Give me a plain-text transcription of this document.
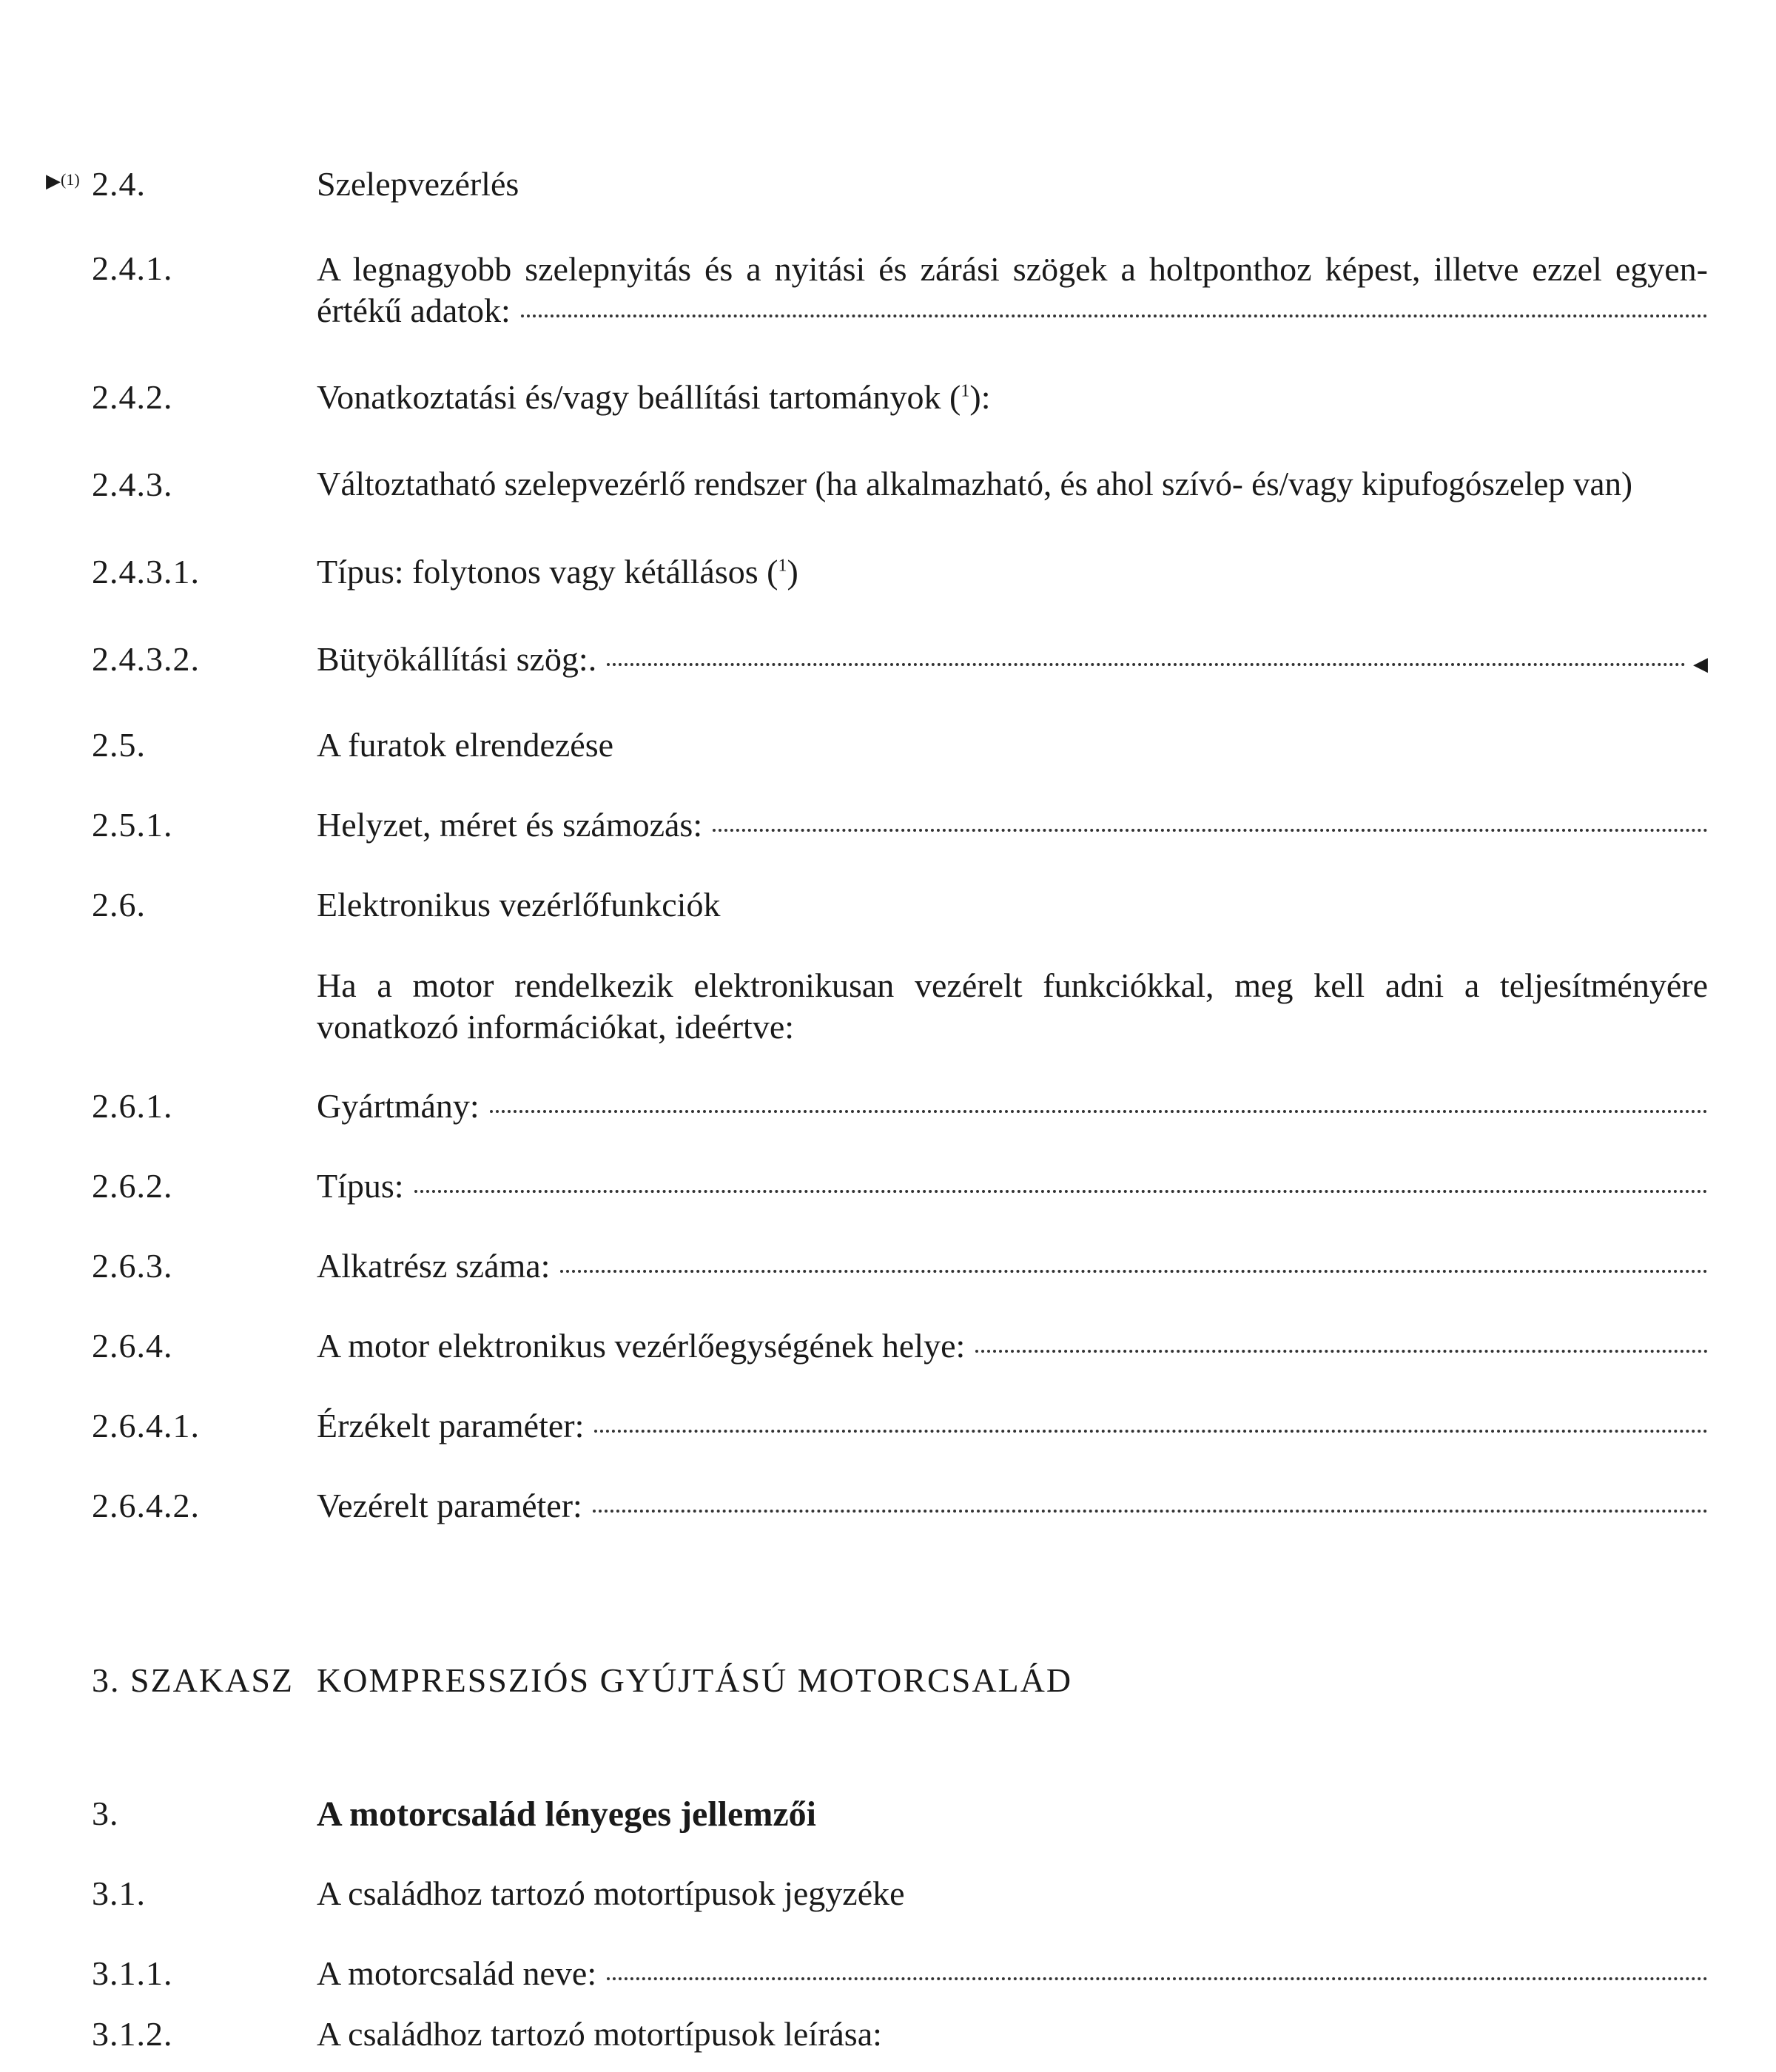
▶(1) 2.4.	Szelepvezérlés
2.4.1.	A legnagyobb szelepnyitás és a nyitási és zárási szögek a holtponthoz képest, illetve ezzel egyen-
értékű adatok:
2.4.2.	Vonatkoztatási és/vagy beállítási tartományok ($^1$):
2.4.3.	Változtatható szelepvezérlő rendszer (ha alkalmazható, és ahol szívó- és/vagy kipufogószelep van)
2.4.3.1.	Típus: folytonos vagy kétállásos ($^1$)
2.4.3.2.	Bütyökállítási szög:.	◀
2.5.	A furatok elrendezése
2.5.1.	Helyzet, méret és számozás:
2.6.	Elektronikus vezérlőfunkciók
Ha a motor rendelkezik elektronikusan vezérelt funkciókkal, meg kell adni a teljesítményére
vonatkozó információkat, ideértve:
2.6.1.	Gyártmány:
2.6.2.	Típus:
2.6.3.	Alkatrész száma:
2.6.4.	A motor elektronikus vezérlőegységének helye:
2.6.4.1.	Érzékelt paraméter:
2.6.4.2.	Vezérelt paraméter:
3. SZAKASZ KOMPRESSZIÓS GYÚJTÁSÚ MOTORCSALÁD
3.	A motorcsalád lényeges jellemzői
3.1.	A családhoz tartozó motortípusok jegyzéke
3.1.1.	A motorcsalád neve:
3.1.2.	A családhoz tartozó motortípusok leírása:
